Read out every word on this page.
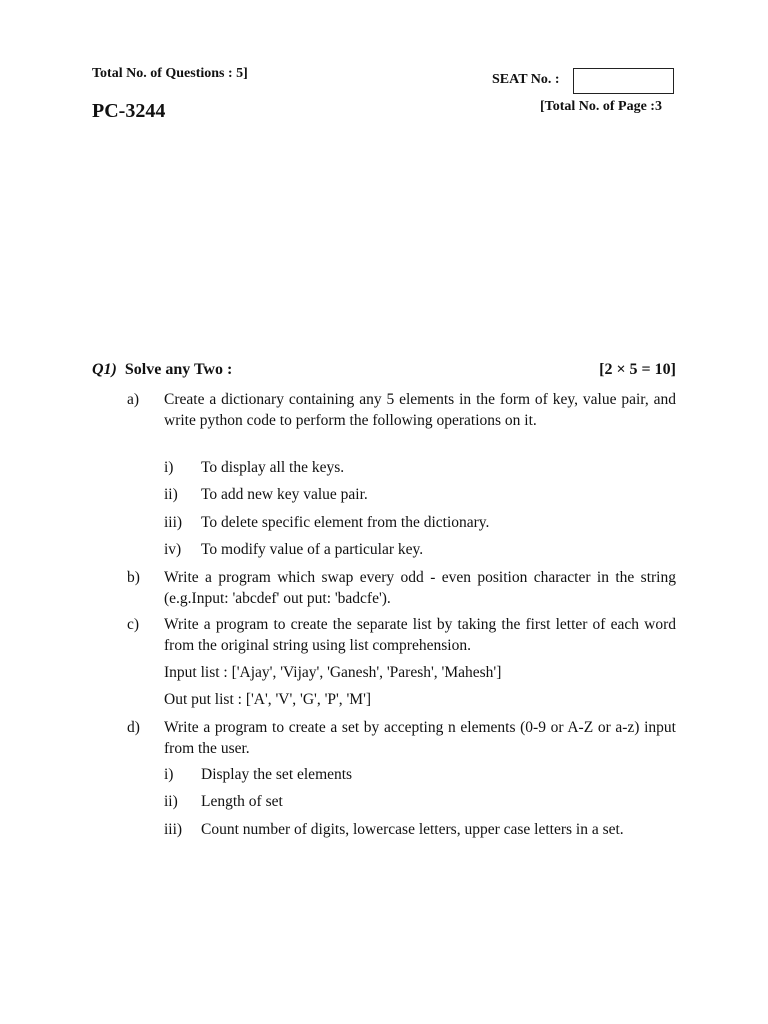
Total No. of Questions : 5]	SEAT No. :
PC-3244	[Total No. of Page :3
Q1) Solve any Two :	[2 × 5 = 10]
a) Create a dictionary containing any 5 elements in the form of key, value pair, and write python code to perform the following operations on it.
i) To display all the keys.
ii) To add new key value pair.
iii) To delete specific element from the dictionary.
iv) To modify value of a particular key.
b) Write a program which swap every odd - even position character in the string (e.g.Input: 'abcdef' out put: 'badcfe').
c) Write a program to create the separate list by taking the first letter of each word from the original string using list comprehension.
Input list : ['Ajay', 'Vijay', 'Ganesh', 'Paresh', 'Mahesh']
Out put list : ['A', 'V', 'G', 'P', 'M']
d) Write a program to create a set by accepting n elements (0-9 or A-Z or a-z) input from the user.
i) Display the set elements
ii) Length of set
iii) Count number of digits, lowercase letters, upper case letters in a set.
